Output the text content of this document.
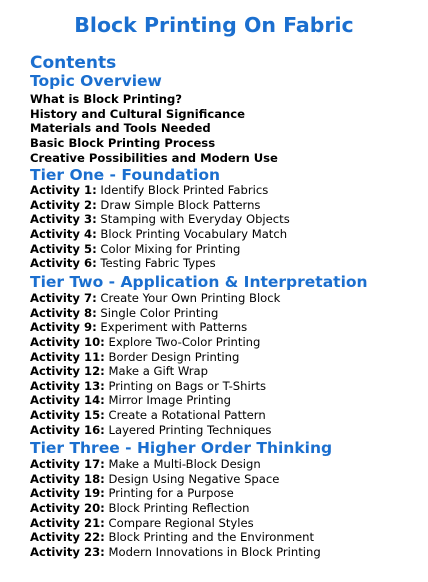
Block Printing On Fabric
Contents
Topic Overview
What is Block Printing?
History and Cultural Significance
Materials and Tools Needed
Basic Block Printing Process
Creative Possibilities and Modern Use
Tier One - Foundation
Activity 1: Identify Block Printed Fabrics
Activity 2: Draw Simple Block Patterns
Activity 3: Stamping with Everyday Objects
Activity 4: Block Printing Vocabulary Match
Activity 5: Color Mixing for Printing
Activity 6: Testing Fabric Types
Tier Two - Application & Interpretation
Activity 7: Create Your Own Printing Block
Activity 8: Single Color Printing
Activity 9: Experiment with Patterns
Activity 10: Explore Two-Color Printing
Activity 11: Border Design Printing
Activity 12: Make a Gift Wrap
Activity 13: Printing on Bags or T-Shirts
Activity 14: Mirror Image Printing
Activity 15: Create a Rotational Pattern
Activity 16: Layered Printing Techniques
Tier Three - Higher Order Thinking
Activity 17: Make a Multi-Block Design
Activity 18: Design Using Negative Space
Activity 19: Printing for a Purpose
Activity 20: Block Printing Reflection
Activity 21: Compare Regional Styles
Activity 22: Block Printing and the Environment
Activity 23: Modern Innovations in Block Printing
